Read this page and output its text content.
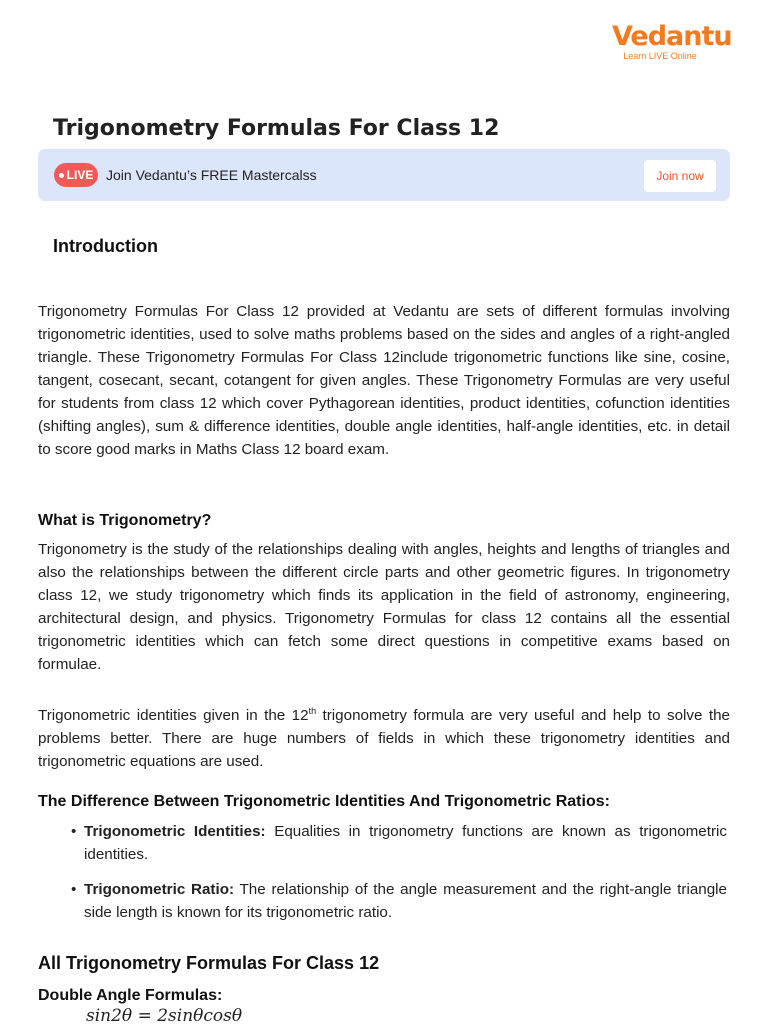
Vedantu
Learn LIVE Online
Trigonometry Formulas For Class 12
LIVE Join Vedantu’s FREE Mastercalss	Join now
Introduction

Trigonometry Formulas For Class 12 provided at Vedantu are sets of different formulas involving trigonometric identities, used to solve maths problems based on the sides and angles of a right-angled triangle. These Trigonometry Formulas For Class 12include trigonometric functions like sine, cosine, tangent, cosecant, secant, cotangent for given angles. These Trigonometry Formulas are very useful for students from class 12 which cover Pythagorean identities, product identities, cofunction identities (shifting angles), sum & difference identities, double angle identities, half-angle identities, etc. in detail to score good marks in Maths Class 12 board exam.

What is Trigonometry?

Trigonometry is the study of the relationships dealing with angles, heights and lengths of triangles and also the relationships between the different circle parts and other geometric figures. In trigonometry class 12, we study trigonometry which finds its application in the field of astronomy, engineering, architectural design, and physics. Trigonometry Formulas for class 12 contains all the essential trigonometric identities which can fetch some direct questions in competitive exams based on formulae.

Trigonometric identities given in the 12th trigonometry formula are very useful and help to solve the problems better. There are huge numbers of fields in which these trigonometry identities and trigonometric equations are used.

The Difference Between Trigonometric Identities And Trigonometric Ratios:
• Trigonometric Identities: Equalities in trigonometry functions are known as trigonometric identities.
• Trigonometric Ratio: The relationship of the angle measurement and the right-angle triangle side length is known for its trigonometric ratio.
All Trigonometry Formulas For Class 12
Double Angle Formulas:
sin2θ = 2sinθcosθ
